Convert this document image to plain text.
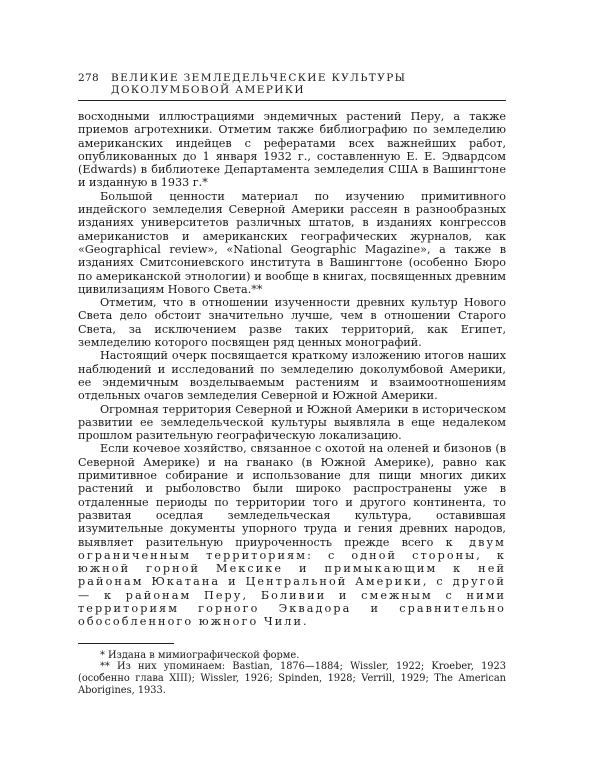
278 ВЕЛИКИЕ ЗЕМЛЕДЕЛЬЧЕСКИЕ КУЛЬТУРЫ ДОКОЛУМБОВОЙ АМЕРИКИ

восходными иллюстрациями эндемичных растений Перу, а также приемов агротехники. Отметим также библиографию по земледелию американских индейцев с рефератами всех важнейших работ, опубликованных до 1 января 1932 г., составленную Е. Е. Эдвардсом (Edwards) в библиотеке Департамента земледелия США в Вашингтоне и изданную в 1933 г.*

Большой ценности материал по изучению примитивного индейского земледелия Северной Америки рассеян в разнообразных изданиях университетов различных штатов, в изданиях конгрессов американистов и американских географических журналов, как «Geographical review», «National Geographic Magazine», а также в изданиях Смитсониевского института в Вашингтоне (особенно Бюро по американской этнологии) и вообще в книгах, посвященных древним цивилизациям Нового Света.**

Отметим, что в отношении изученности древних культур Нового Света дело обстоит значительно лучше, чем в отношении Старого Света, за исключением разве таких территорий, как Египет, земледелию которого посвящен ряд ценных монографий.

Настоящий очерк посвящается краткому изложению итогов наших наблюдений и исследований по земледелию доколумбовой Америки, ее эндемичным возделываемым растениям и взаимоотношениям отдельных очагов земледелия Северной и Южной Америки.

Огромная территория Северной и Южной Америки в историческом развитии ее земледельческой культуры выявляла в еще недалеком прошлом разительную географическую локализацию.

Если кочевое хозяйство, связанное с охотой на оленей и бизонов (в Северной Америке) и на гванако (в Южной Америке), равно как примитивное собирание и использование для пищи многих диких растений и рыболовство были широко распространены уже в отдаленные периоды по территории того и другого континента, то развитая оседлая земледельческая культура, оставившая изумительные документы упорного труда и гения древних народов, выявляет разительную приуроченность прежде всего к двум ограниченным территориям: с одной стороны, к южной горной Мексике и примыкающим к ней районам Юкатана и Центральной Америки, с другой — к районам Перу, Боливии и смежным с ними территориям горного Эквадора и сравнительно обособленного южного Чили.

* Издана в мимиографической форме.

** Из них упоминаем: Bastian, 1876—1884; Wissler, 1922; Kroeber, 1923 (особенно глава XIII); Wissler, 1926; Spinden, 1928; Verrill, 1929; The American Aborigines, 1933.
